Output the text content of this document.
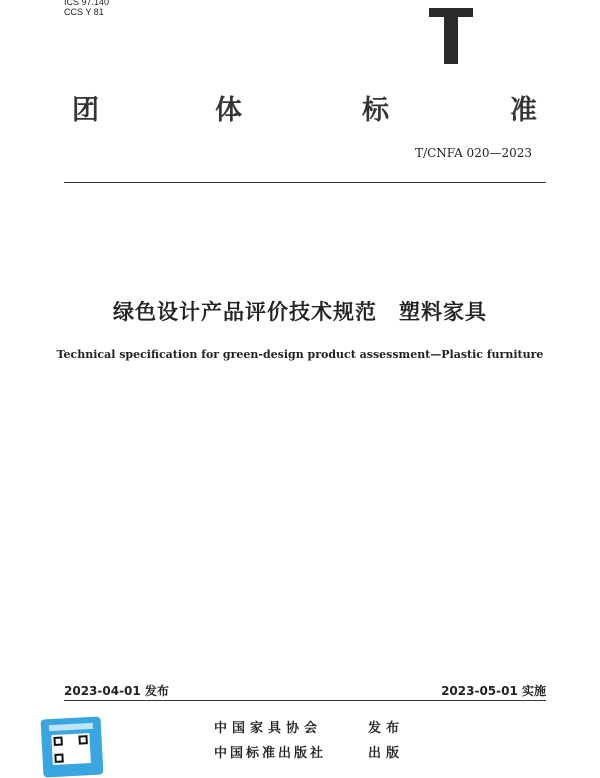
ICS 97.140
CCS Y 81
团	体	标	准
T/CNFA 020—2023
绿色设计产品评价技术规范 塑料家具
Technical specification for green-design product assessment—Plastic furniture
2023-04-01 发布	2023-05-01 实施
中国家具协会	发布
中国标准出版社	出版
